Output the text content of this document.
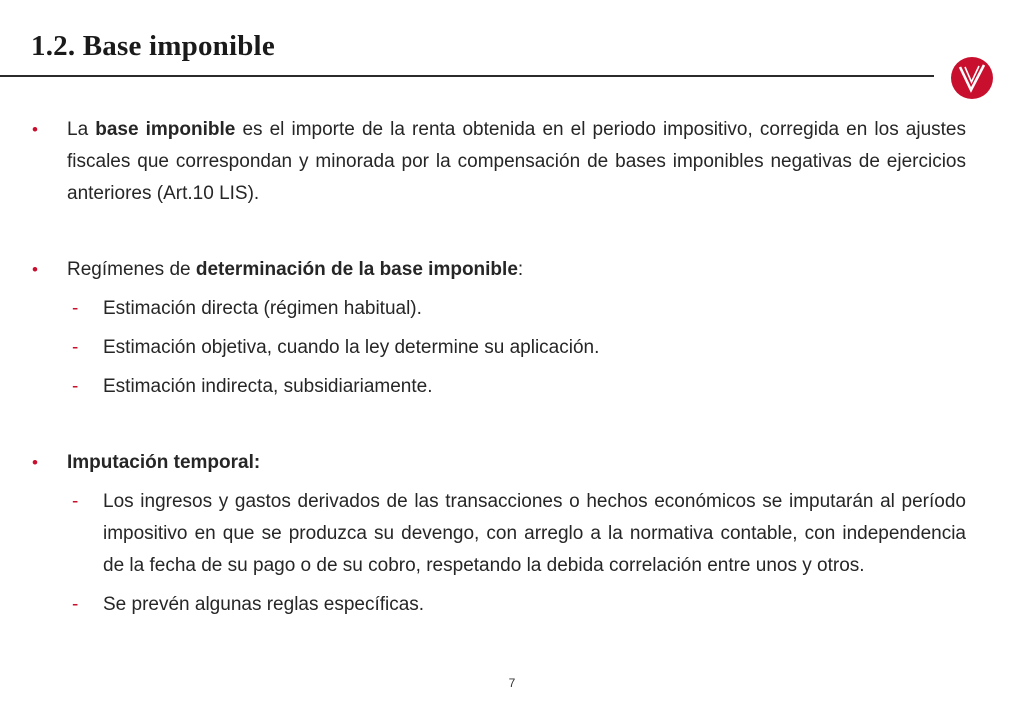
1.2. Base imponible
•	La base imponible es el importe de la renta obtenida en el periodo impositivo, corregida en los ajustes fiscales que correspondan y minorada por la compensación de bases imponibles negativas de ejercicios anteriores (Art.10 LIS).
•	Regímenes de determinación de la base imponible:
-	Estimación directa (régimen habitual).
-	Estimación objetiva, cuando la ley determine su aplicación.
-	Estimación indirecta, subsidiariamente.
•	Imputación temporal:
-	Los ingresos y gastos derivados de las transacciones o hechos económicos se imputarán al período impositivo en que se produzca su devengo, con arreglo a la normativa contable, con independencia de la fecha de su pago o de su cobro, respetando la debida correlación entre unos y otros.
-	Se prevén algunas reglas específicas.
7
